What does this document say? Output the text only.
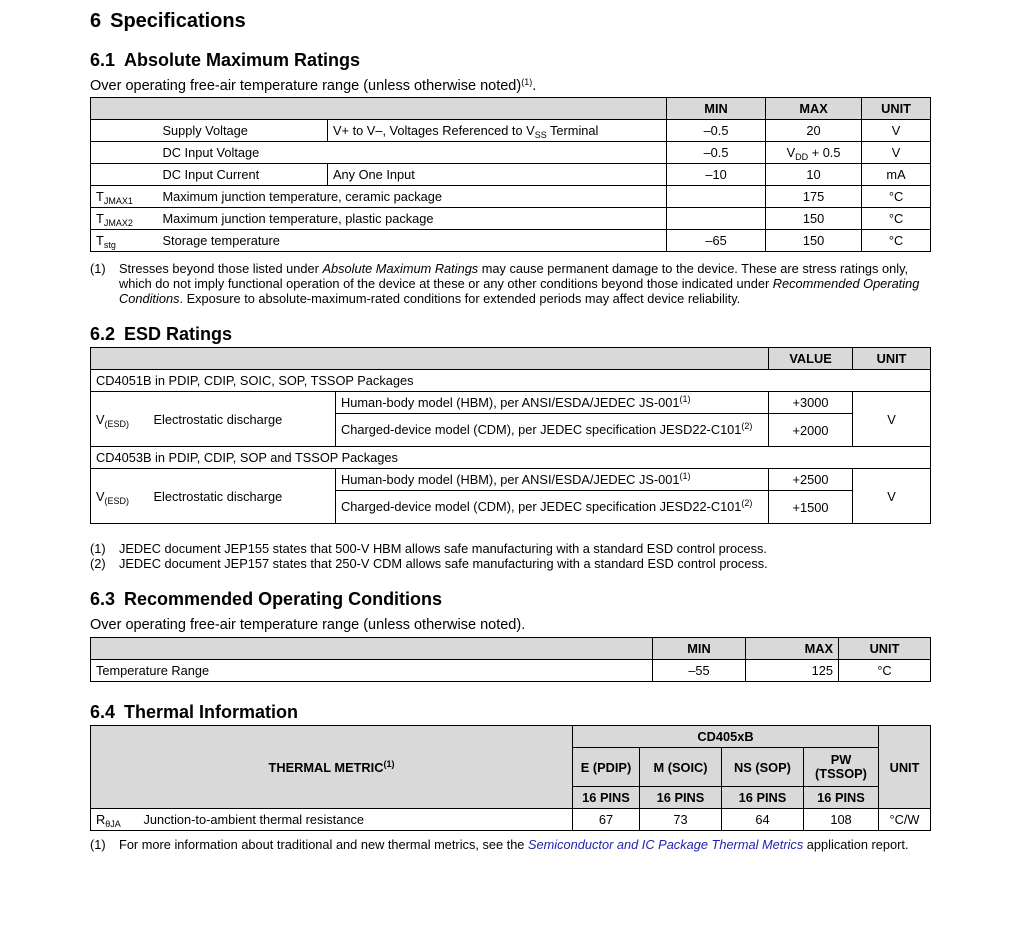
6 Specifications
6.1 Absolute Maximum Ratings

Over operating free-air temperature range (unless otherwise noted)$^{(1)}$.

			MIN	MAX	UNIT
	Supply Voltage	V+ to V–, Voltages Referenced to $V_{SS}$ Terminal	–0.5	20	V
	DC Input Voltage		–0.5	$V_{DD} + 0.5$	V
	DC Input Current	Any One Input	–10	10	mA
$T_{JMAX1}$	Maximum junction temperature, ceramic package			175	°C
$T_{JMAX2}$	Maximum junction temperature, plastic package			150	°C
$T_{stg}$	Storage temperature		–65	150	°C
(1)	Stresses beyond those listed under Absolute Maximum Ratings may cause permanent damage to the device. These are stress ratings only, which do not imply functional operation of the device at these or any other conditions beyond those indicated under Recommended Operating Conditions. Exposure to absolute-maximum-rated conditions for extended periods may affect device reliability.
6.2 ESD Ratings
			VALUE	UNIT
CD4051B in PDIP, CDIP, SOIC, SOP, TSSOP Packages				
$V_{(ESD)}$	Electrostatic discharge	Human-body model (HBM), per ANSI/ESDA/JEDEC $JS-001^{(1)}$	+3000	V
		Charged-device model (CDM), per JEDEC specification $JESD22-C101^{(2)}$	+2000	
CD4053B in PDIP, CDIP, SOP and TSSOP Packages				
$V_{(ESD)}$	Electrostatic discharge	Human-body model (HBM), per ANSI/ESDA/JEDEC $JS-001^{(1)}$	+2500	V
		Charged-device model (CDM), per JEDEC specification $JESD22-C101^{(2)}$	+1500	
(1)	JEDEC document JEP155 states that 500-V HBM allows safe manufacturing with a standard ESD control process.
(2)	JEDEC document JEP157 states that 250-V CDM allows safe manufacturing with a standard ESD control process.
6.3 Recommended Operating Conditions

Over operating free-air temperature range (unless otherwise noted).

	MIN	MAX	UNIT
Temperature Range	–55	125	°C
6.4 Thermal Information
THERMAL METRIC$^{(1)}$		CD405xB				UNIT
		E (PDIP)	M (SOIC)	NS (SOP)	PW (TSSOP)	
		16 PINS	16 PINS	16 PINS	16 PINS	
$R_{\theta JA}$	Junction-to-ambient thermal resistance	67	73	64	108	°C/W
(1)	For more information about traditional and new thermal metrics, see the Semiconductor and IC Package Thermal Metrics application report.
